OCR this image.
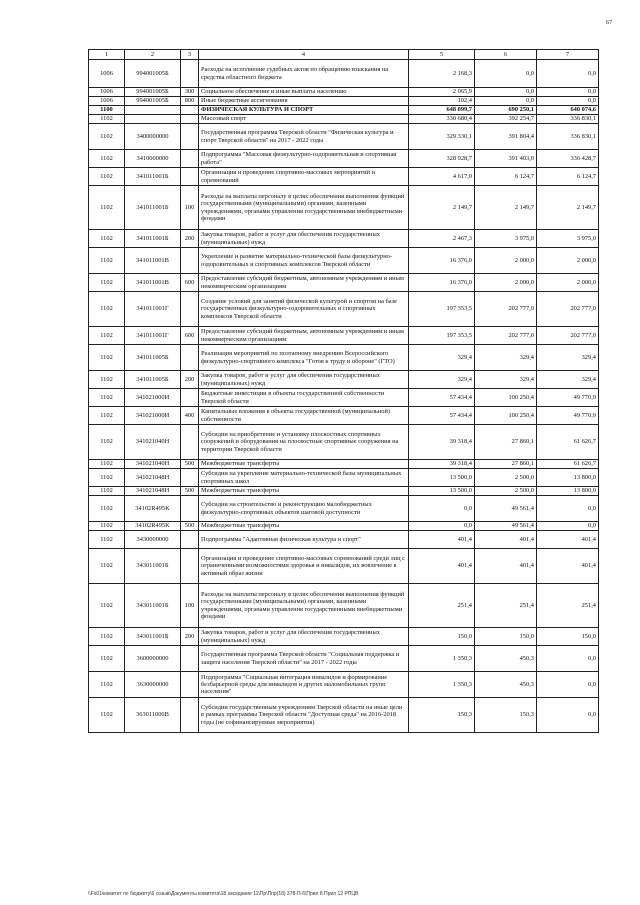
67
1	2	3	4	5	6	7
1006	994001005Б		Расходы на исполнение судебных актов по обращению взыскания на средства областного бюджета	2 168,3	0,0	0,0
1006	994001005Б	300	Социальное обеспечение и иные выплаты населению	2 065,9	0,0	0,0
1006	994001005Б	800	Иные бюджетные ассигнования	102,4	0,0	0,0
1100			ФИЗИЧЕСКАЯ КУЛЬТУРА И СПОРТ	648 099,7	690 250,1	640 074,6
1102			Массовый спорт	330 680,4	392 254,7	336 830,1
1102	3400000000		Государственная программа Тверской области "Физическая культура и спорт Тверской области" на 2017 - 2022 годы	329 330,1	391 804,4	336 830,1
1102	3410000000		Подпрограмма "Массовая физкультурно-оздоровительная и спортивная работа"	328 928,7	391 403,0	336 428,7
1102	341011001Б		Организация и проведение спортивно-массовых мероприятий и соревнований	4 617,0	6 124,7	6 124,7
1102	341011001Б	100	Расходы на выплаты персоналу в целях обеспечения выполнения функций государственными (муниципальными) органами, казенными учреждениями, органами управления государственными внебюджетными фондами	2 149,7	2 149,7	2 149,7
1102	341011001Б	200	Закупка товаров, работ и услуг для обеспечения государственных (муниципальных) нужд	2 467,3	3 975,0	3 975,0
1102	341011001В		Укрепление и развитие материально-технической базы физкультурно-оздоровительных и спортивных комплексов Тверской области	16 376,0	2 000,0	2 000,0
1102	341011001В	600	Предоставление субсидий бюджетным, автономным учреждениям и иным некоммерческим организациям	16 376,0	2 000,0	2 000,0
1102	341011001Г		Создание условий для занятий физической культурой и спортом на базе государственных физкультурно-оздоровительных и спортивных комплексов Тверской области	197 353,5	202 777,0	202 777,0
1102	341011001Г	600	Предоставление субсидий бюджетным, автономным учреждениям и иным некоммерческим организациям	197 353,5	202 777,0	202 777,0
1102	341011005Б		Реализация мероприятий по поэтапному внедрению Всероссийского физкультурно-спортивного комплекса "Готов к труду и обороне" (ГТО)	329,4	329,4	329,4
1102	341011005Б	200	Закупка товаров, работ и услуг для обеспечения государственных (муниципальных) нужд	329,4	329,4	329,4
1102	341021000И		Бюджетные инвестиции в объекты государственной собственности Тверской области	57 434,4	100 250,4	49 770,9
1102	341021000И	400	Капитальные вложения в объекты государственной (муниципальной) собственности	57 434,4	100 250,4	49 770,9
1102	341021040Н		Субсидии на приобретение и установку плоскостных спортивных сооружений и оборудования на плоскостные спортивные сооружения на территории Тверской области	39 318,4	27 860,1	61 626,7
1102	341021040Н	500	Межбюджетные трансферты	39 318,4	27 860,1	61 626,7
1102	341021048Н		Субсидии на укрепление материально-технической базы муниципальных спортивных школ	13 500,0	2 500,0	13 800,0
1102	341021048Н	500	Межбюджетные трансферты	13 500,0	2 500,0	13 800,0
1102	34102R495K		Субсидии на строительство и реконструкцию малобюджетных физкультурно-спортивных объектов шаговой доступности	0,0	49 561,4	0,0
1102	34102R495K	500	Межбюджетные трансферты	0,0	49 561,4	0,0
1102	3430000000		Подпрограмма "Адаптивная физическая культура и спорт"	401,4	401,4	401,4
1102	343011001Б		Организация и проведение спортивно-массовых соревнований среди лиц с ограниченными возможностями здоровья и инвалидов, их вовлечение в активный образ жизни	401,4	401,4	401,4
1102	343011001Б	100	Расходы на выплаты персоналу в целях обеспечения выполнения функций государственными (муниципальными) органами, казенными учреждениями, органами управления государственными внебюджетными фондами	251,4	251,4	251,4
1102	343011001Б	200	Закупка товаров, работ и услуг для обеспечения государственных (муниципальных) нужд	150,0	150,0	150,0
1102	3600000000		Государственная программа Тверской области "Социальная поддержка и защита населения Тверской области" на 2017 - 2022 годы	1 350,3	450,3	0,0
1102	3630000000		Подпрограмма "Социальная интеграция инвалидов и формирование безбарьерной среды для инвалидов и других маломобильных групп населения"	1 350,3	450,3	0,0
1102	363011006В		Субсидии государственным учреждениям Тверской области на иные цели в рамках программы Тверской области "Доступная среда" на 2016-2018 годы (не софинансируемые мероприятия)	150,3	150,3	0,0
\\Fs01\комитет по бюджету\6 созыв\Документы комитета\18 заседание 11\Пр\Ппр(18) 378-П-6\Прил 8 Прил 12 РПЦВ
